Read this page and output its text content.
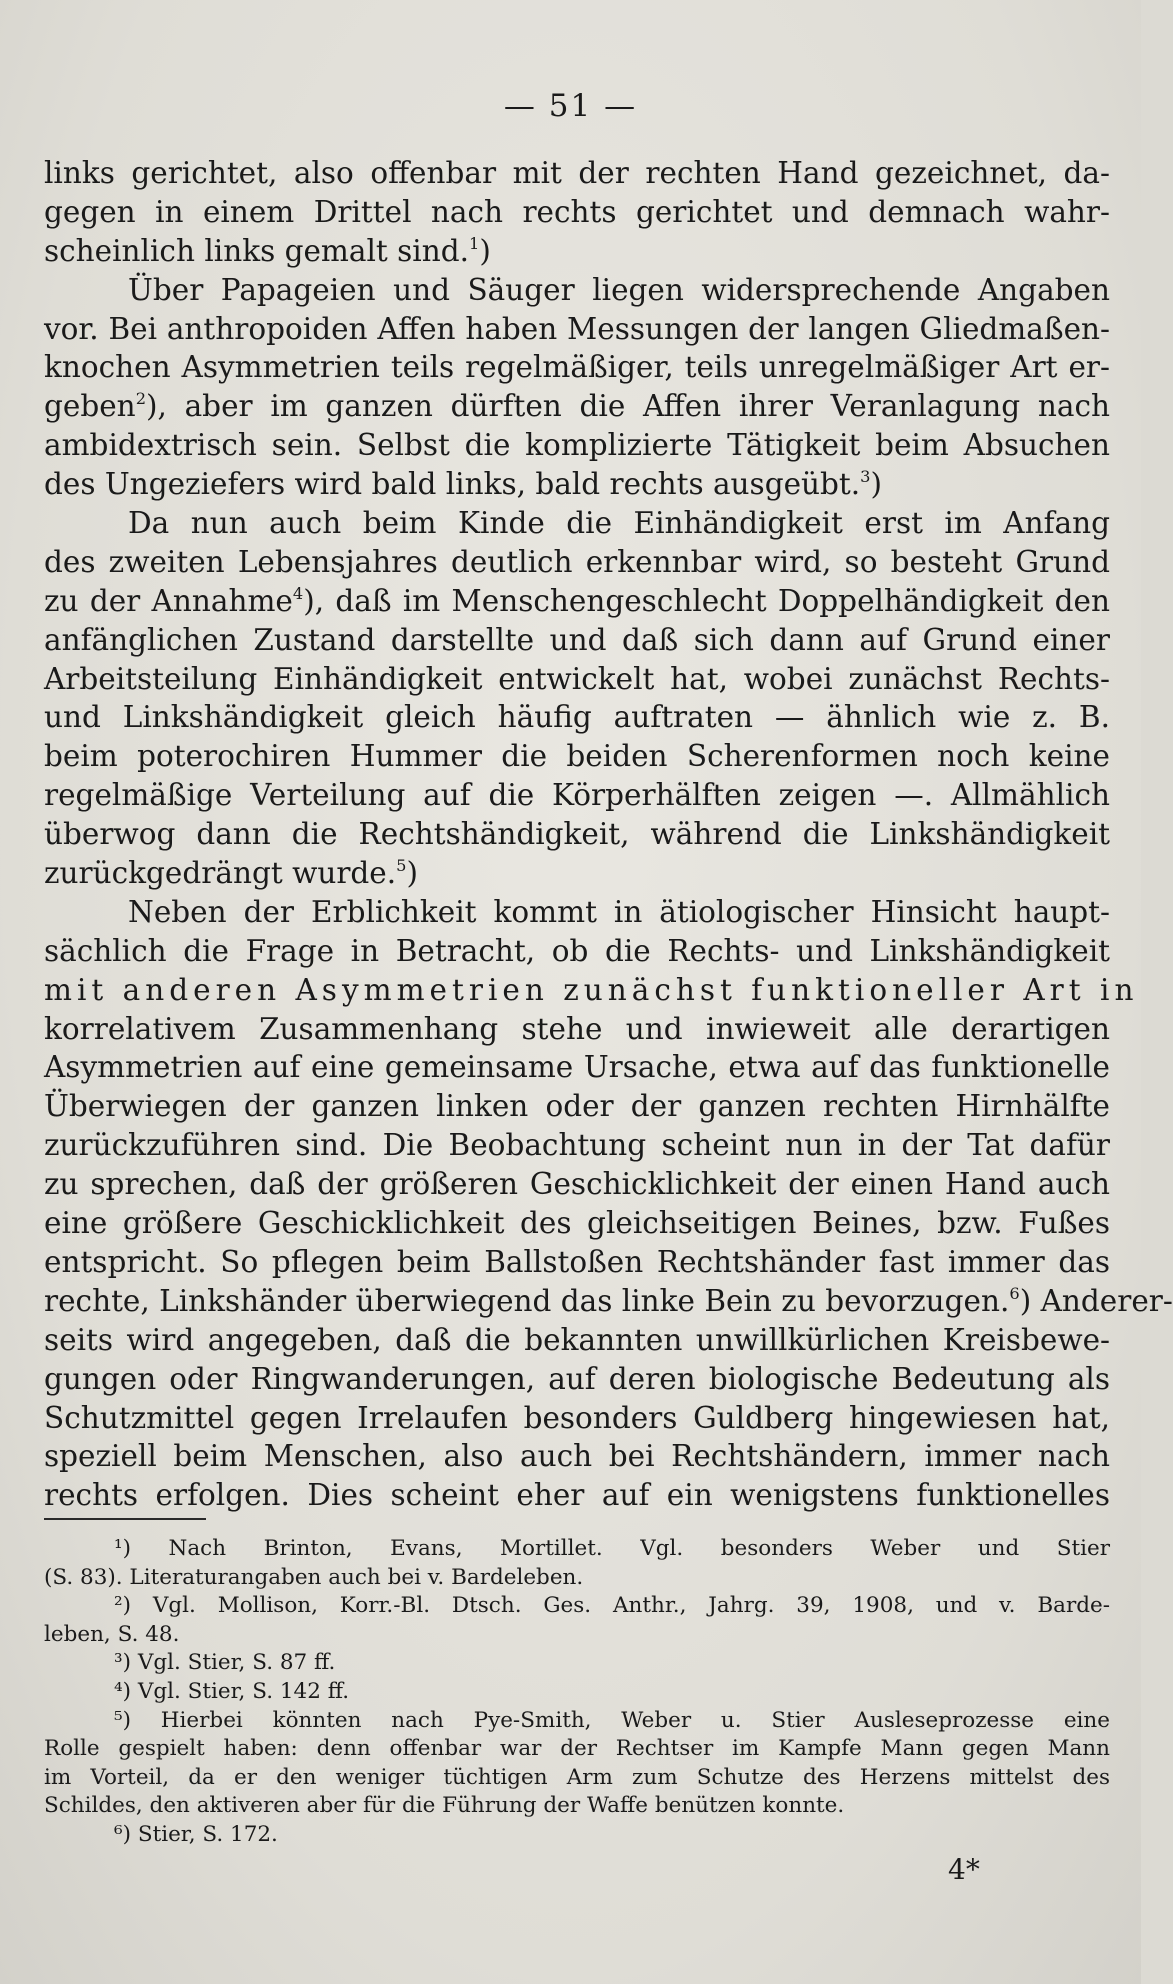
— 51 —
links gerichtet, also offenbar mit der rechten Hand gezeichnet, da-
gegen in einem Drittel nach rechts gerichtet und demnach wahr-
scheinlich links gemalt sind.$^1$)
Über Papageien und Säuger liegen widersprechende Angaben
vor. Bei anthropoiden Affen haben Messungen der langen Gliedmaßen-
knochen Asymmetrien teils regelmäßiger, teils unregelmäßiger Art er-
geben$^2$), aber im ganzen dürften die Affen ihrer Veranlagung nach
ambidextrisch sein. Selbst die komplizierte Tätigkeit beim Absuchen
des Ungeziefers wird bald links, bald rechts ausgeübt.$^3$)
Da nun auch beim Kinde die Einhändigkeit erst im Anfang
des zweiten Lebensjahres deutlich erkennbar wird, so besteht Grund
zu der Annahme$^4$), daß im Menschengeschlecht Doppelhändigkeit den
anfänglichen Zustand darstellte und daß sich dann auf Grund einer
Arbeitsteilung Einhändigkeit entwickelt hat, wobei zunächst Rechts-
und Linkshändigkeit gleich häufig auftraten — ähnlich wie z. B.
beim poterochiren Hummer die beiden Scherenformen noch keine
regelmäßige Verteilung auf die Körperhälften zeigen —. Allmählich
überwog dann die Rechtshändigkeit, während die Linkshändigkeit
zurückgedrängt wurde.$^5$)
Neben der Erblichkeit kommt in ätiologischer Hinsicht haupt-
sächlich die Frage in Betracht, ob die Rechts- und Linkshändigkeit
mit anderen Asymmetrien zunächst funktioneller Art in
korrelativem Zusammenhang stehe und inwieweit alle derartigen
Asymmetrien auf eine gemeinsame Ursache, etwa auf das funktionelle
Überwiegen der ganzen linken oder der ganzen rechten Hirnhälfte
zurückzuführen sind. Die Beobachtung scheint nun in der Tat dafür
zu sprechen, daß der größeren Geschicklichkeit der einen Hand auch
eine größere Geschicklichkeit des gleichseitigen Beines, bzw. Fußes
entspricht. So pflegen beim Ballstoßen Rechtshänder fast immer das
rechte, Linkshänder überwiegend das linke Bein zu bevorzugen.$^6$) Anderer-
seits wird angegeben, daß die bekannten unwillkürlichen Kreisbewe-
gungen oder Ringwanderungen, auf deren biologische Bedeutung als
Schutzmittel gegen Irrelaufen besonders Guldberg hingewiesen hat,
speziell beim Menschen, also auch bei Rechtshändern, immer nach
rechts erfolgen. Dies scheint eher auf ein wenigstens funktionelles
¹) Nach Brinton, Evans, Mortillet. Vgl. besonders Weber und Stier
(S. 83). Literaturangaben auch bei v. Bardeleben.
²) Vgl. Mollison, Korr.-Bl. Dtsch. Ges. Anthr., Jahrg. 39, 1908, und v. Barde-
leben, S. 48.
³) Vgl. Stier, S. 87 ff.
⁴) Vgl. Stier, S. 142 ff.
⁵) Hierbei könnten nach Pye-Smith, Weber u. Stier Ausleseprozesse eine
Rolle gespielt haben: denn offenbar war der Rechtser im Kampfe Mann gegen Mann
im Vorteil, da er den weniger tüchtigen Arm zum Schutze des Herzens mittelst des
Schildes, den aktiveren aber für die Führung der Waffe benützen konnte.
⁶) Stier, S. 172.
4*
